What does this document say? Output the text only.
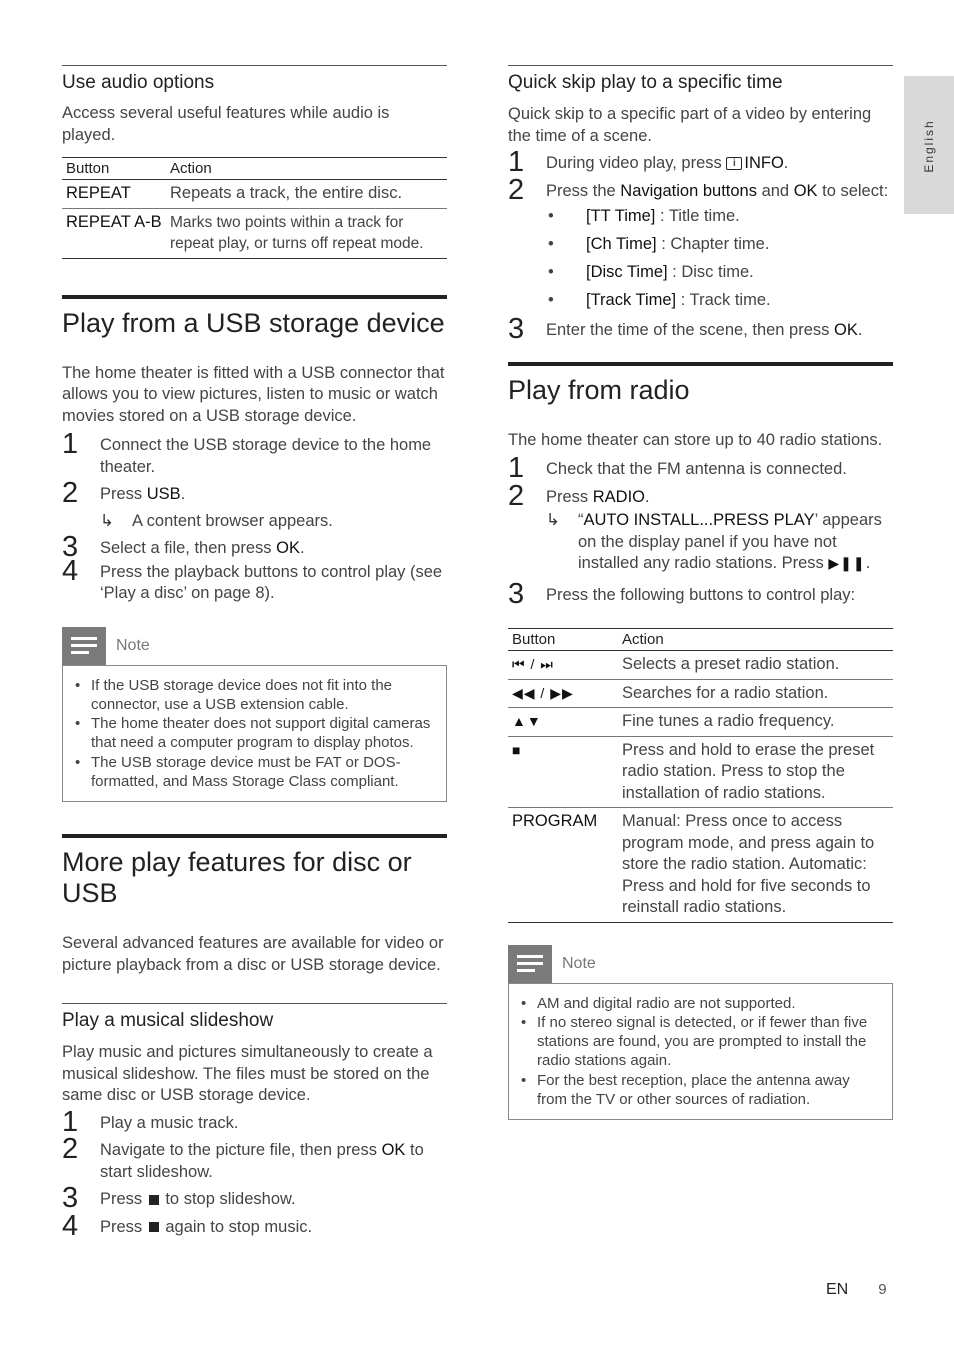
Use audio options

Access several useful features while audio is played.

Button	Action
REPEAT	Repeats a track, the entire disc.
REPEAT A-B	Marks two points within a track for repeat play, or turns off repeat mode.
Play from a USB storage device

The home theater is fitted with a USB connector that allows you to view pictures, listen to music or watch movies stored on a USB storage device.

1 Connect the USB storage device to the home theater.
2 Press USB.
↳ A content browser appears.
3 Select a file, then press OK.
4 Press the playback buttons to control play (see ‘Play a disc’ on page 8).
Note
• If the USB storage device does not fit into the connector, use a USB extension cable.
• The home theater does not support digital cameras that need a computer program to display photos.
• The USB storage device must be FAT or DOS-formatted, and Mass Storage Class compliant.
More play features for disc or USB

Several advanced features are available for video or picture playback from a disc or USB storage device.

Play a musical slideshow

Play music and pictures simultaneously to create a musical slideshow. The files must be stored on the same disc or USB storage device.

1 Play a music track.
2 Navigate to the picture file, then press OK to start slideshow.
3 Press  to stop slideshow.
4 Press  again to stop music.
Quick skip play to a specific time

Quick skip to a specific part of a video by entering the time of a scene.

1 During video play, press i INFO.
2 Press the Navigation buttons and OK to select:
• [TT Time] : Title time.
• [Ch Time] : Chapter time.
• [Disc Time] : Disc time.
• [Track Time] : Track time.
3 Enter the time of the scene, then press OK.
Play from radio

The home theater can store up to 40 radio stations.

1 Check that the FM antenna is connected.
2 Press RADIO.
↳ “AUTO INSTALL...PRESS PLAY’ appears on the display panel if you have not installed any radio stations. Press ▶❚❚.
3 Press the following buttons to control play:
Button	Action
⏮ / ⏭	Selects a preset radio station.
◀◀ / ▶▶	Searches for a radio station.
▲▼	Fine tunes a radio frequency.
■	Press and hold to erase the preset radio station. Press to stop the installation of radio stations.
PROGRAM	Manual: Press once to access program mode, and press again to store the radio station. Automatic: Press and hold for five seconds to reinstall radio stations.
Note
• AM and digital radio are not supported.
• If no stereo signal is detected, or if fewer than five stations are found, you are prompted to install the radio stations again.
• For the best reception, place the antenna away from the TV or other sources of radiation.
English
EN 9
